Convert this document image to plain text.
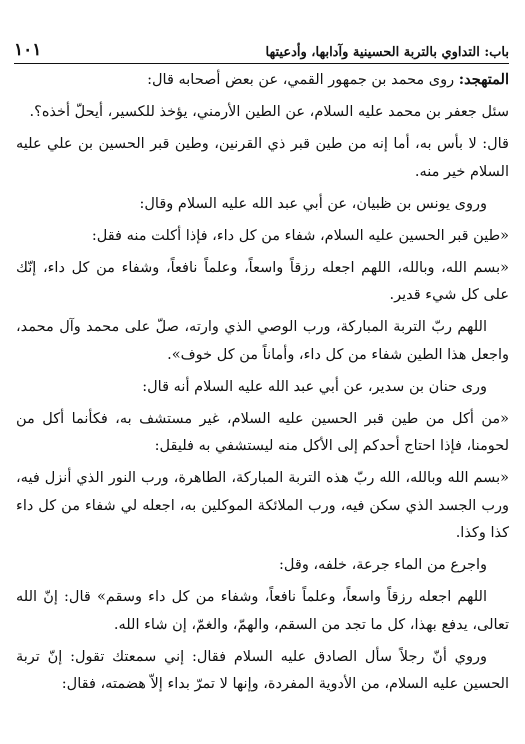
باب: التداوي بالتربة الحسينية وآدابها، وأدعيتها
١٠١

المتهجد: روى محمد بن جمهور القمي، عن بعض أصحابه قال:

سئل جعفر بن محمد عليه السلام، عن الطين الأرمني، يؤخذ للكسير، أيحلّ أخذه؟.

قال: لا بأس به، أما إنه من طين قبر ذي القرنين، وطين قبر الحسين بن علي عليه السلام خير منه.

وروى يونس بن ظبيان، عن أبي عبد الله عليه السلام وقال:

«طين قبر الحسين عليه السلام، شفاء من كل داء، فإذا أكلت منه فقل:

«بسم الله، وبالله، اللهم اجعله رزقاً واسعاً، وعلماً نافعاً، وشفاء من كل داء، إنّك على كل شيء قدير.

اللهم ربّ التربة المباركة، ورب الوصي الذي وارته، صلّ على محمد وآل محمد، واجعل هذا الطين شفاء من كل داء، وأماناً من كل خوف».

ورى حنان بن سدير، عن أبي عبد الله عليه السلام أنه قال:

«من أكل من طين قبر الحسين عليه السلام، غير مستشف به، فكأنما أكل من لحومنا، فإذا احتاج أحدكم إلى الأكل منه ليستشفي به فليقل:

«بسم الله وبالله، الله ربّ هذه التربة المباركة، الطاهرة، ورب النور الذي أنزل فيه، ورب الجسد الذي سكن فيه، ورب الملائكة الموكلين به، اجعله لي شفاء من كل داء كذا وكذا.

واجرع من الماء جرعة، خلفه، وقل:

اللهم اجعله رزقاً واسعاً، وعلماً نافعاً، وشفاء من كل داء وسقم» قال: إنّ الله تعالى، يدفع بهذا، كل ما تجد من السقم، والهمّ، والغمّ، إن شاء الله.

وروي أنّ رجلاً سأل الصادق عليه السلام فقال: إني سمعتك تقول: إنّ تربة الحسين عليه السلام، من الأدوية المفردة، وإنها لا تمرّ بداء إلاّ هضمته، فقال:
